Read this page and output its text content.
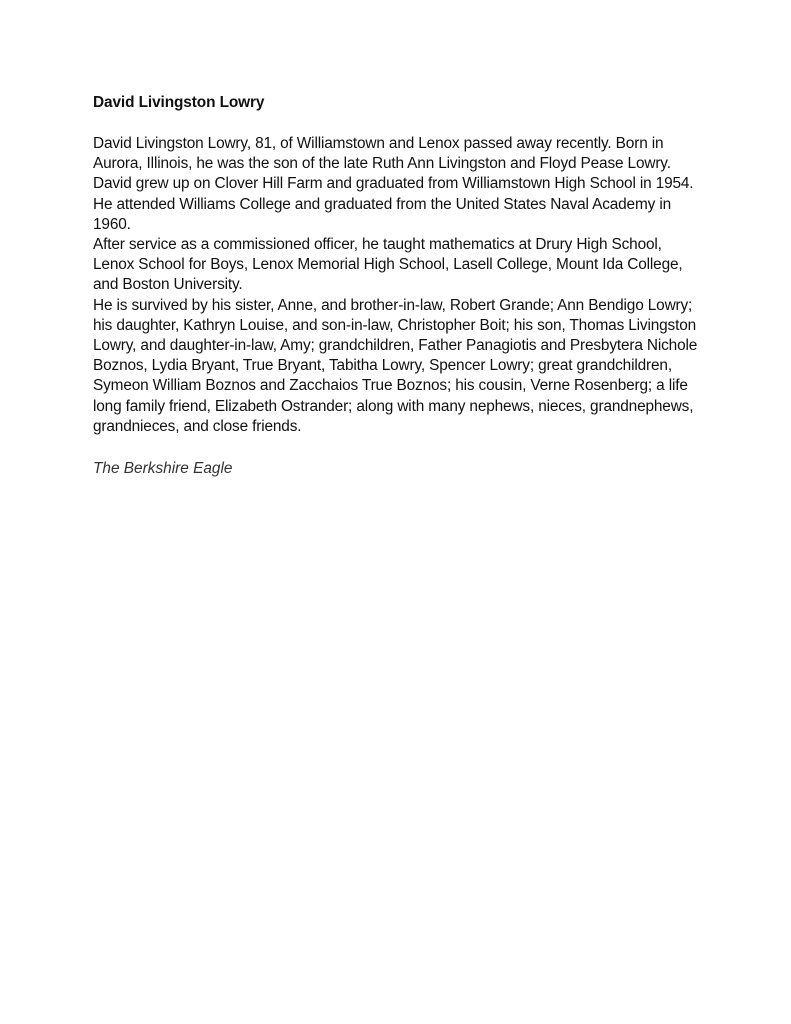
David Livingston Lowry

David Livingston Lowry, 81, of Williamstown and Lenox passed away recently. Born in Aurora, Illinois, he was the son of the late Ruth Ann Livingston and Floyd Pease Lowry. David grew up on Clover Hill Farm and graduated from Williamstown High School in 1954. He attended Williams College and graduated from the United States Naval Academy in 1960.

After service as a commissioned officer, he taught mathematics at Drury High School, Lenox School for Boys, Lenox Memorial High School, Lasell College, Mount Ida College, and Boston University.

He is survived by his sister, Anne, and brother-in-law, Robert Grande; Ann Bendigo Lowry; his daughter, Kathryn Louise, and son-in-law, Christopher Boit; his son, Thomas Livingston Lowry, and daughter-in-law, Amy; grandchildren, Father Panagiotis and Presbytera Nichole Boznos, Lydia Bryant, True Bryant, Tabitha Lowry, Spencer Lowry; great grandchildren, Symeon William Boznos and Zacchaios True Boznos; his cousin, Verne Rosenberg; a life long family friend, Elizabeth Ostrander; along with many nephews, nieces, grandnephews, grandnieces, and close friends.

The Berkshire Eagle
